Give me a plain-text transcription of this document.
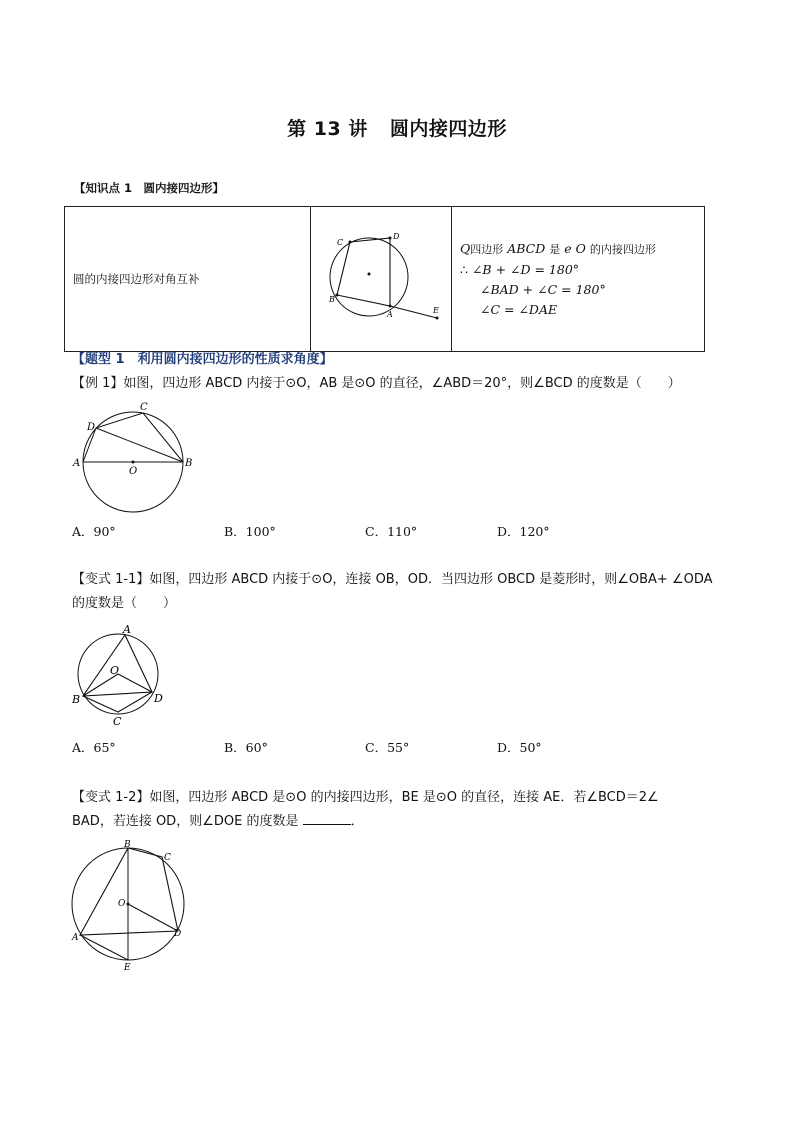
第 13 讲 圆内接四边形
【知识点 1　圆内接四边形】
圆的内接四边形对角互补	
C
D
B
A	E

Q四边形 ABCD 是 e O 的内接四边形
∴ ∠B + ∠D = 180°
∠BAD + ∠C = 180°
∠C = ∠DAE
【题型 1　利用圆内接四边形的性质求角度】
【例 1】如图，四边形 ABCD 内接于⊙O，AB 是⊙O 的直径，∠ABD＝20°，则∠BCD 的度数是（　　）
A	B
C
D
O
A．90°	B．100°	C．110°	D．120°
【变式 1-1】如图，四边形 ABCD 内接于⊙O，连接 OB，OD．当四边形 OBCD 是菱形时，则∠OBA+ ∠ODA
的度数是（　　）
A
B
C
D
O
A．65°	B．60°	C．55°	D．50°
【变式 1-2】如图，四边形 ABCD 是⊙O 的内接四边形，BE 是⊙O 的直径，连接 AE．若∠BCD＝2∠
BAD，若连接 OD，则∠DOE 的度数是	．
B
C
A	D
E
O
